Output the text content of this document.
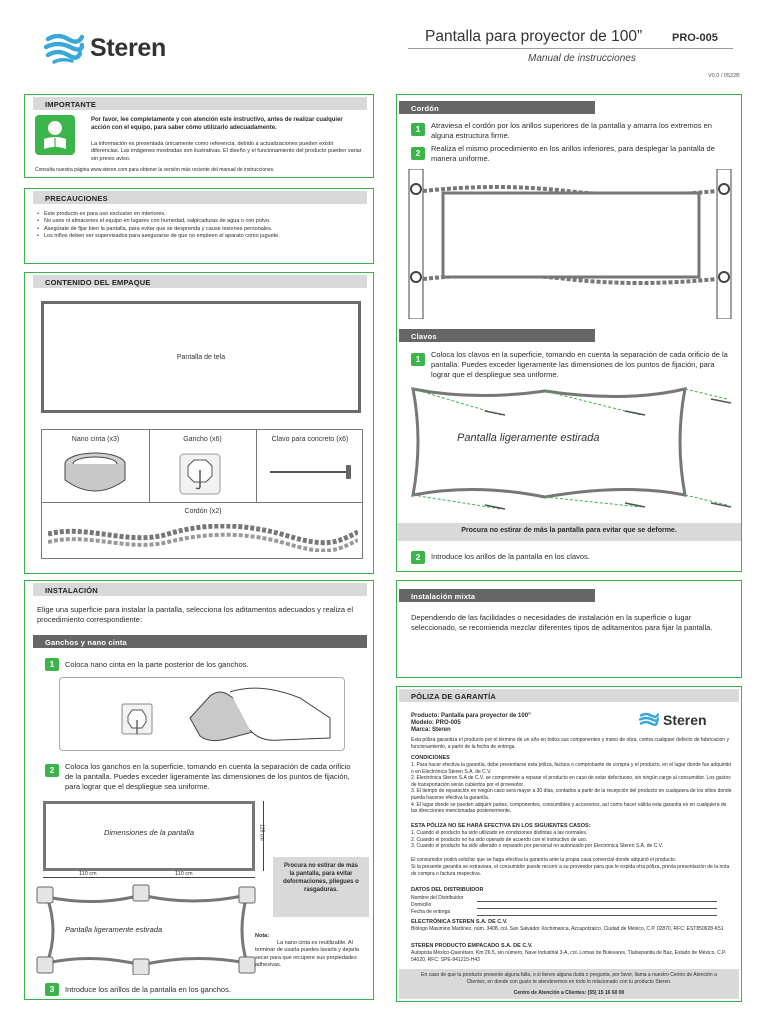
Steren	Pantalla para proyector de 100”	PRO-005
Manual de instrucciones
V0.0 / 0522B
IMPORTANTE
Por favor, lee completamente y con atención este instructivo, antes de realizar cualquier acción con el equipo, para saber cómo utilizarlo adecuadamente.
La información es presentada únicamente como referencia, debido a actualizaciones pueden existir diferencias. Las imágenes mostradas son ilustrativas. El diseño y el funcionamiento del producto pueden variar sin previo aviso.
Consulta nuestra página www.steren.com para obtener la versión más reciente del manual de instrucciones.
PRECAUCIONES
• Este producto es para uso exclusivo en interiores.
• No uses ni almacenes el equipo en lugares con humedad, salpicaduras de agua o con polvo.
• Asegúrate de fijar bien la pantalla, para evitar que se desprenda y cause lesiones personales.
• Los niños deben ser supervisados para asegurarse de que no empleen el aparato como juguete.
CONTENIDO DEL EMPAQUE
Pantalla de tela
Nano cinta (x3)	Gancho (x6)	Clavo para concreto (x6)
Cordón (x2)
INSTALACIÓN
Elige una superficie para instalar la pantalla, selecciona los aditamentos adecuados y realiza el procedimiento correspondiente:
Ganchos y nano cinta
1	Coloca nano cinta en la parte posterior de los ganchos.
2	Coloca los ganchos en la superficie, tomando en cuenta la separación de cada orificio de la pantalla. Puedes exceder ligeramente las dimensiones de los puntos de fijación, para lograr que el despliegue sea uniforme.
Dimensiones de la pantalla	125 cm
110 cm	110 cm
Pantalla ligeramente estirada
Procura no estirar de más la pantalla, para evitar deformaciones, pliegues o rasgaduras.
Nota:
La nano cinta es reutilizable. Al terminar de usarla puedes lavarla y dejarla secar para que recupere sus propiedades adhesivas.
3	Introduce los arillos de la pantalla en los ganchos.
Cordón
1	Atraviesa el cordón por los arillos superiores de la pantalla y amarra los extremos en alguna estructura firme.
2	Realiza el mismo procedimiento en los arillos inferiores, para desplegar la pantalla de manera uniforme.
Clavos
1	Coloca los clavos en la superficie, tomando en cuenta la separación de cada orificio de la pantalla. Puedes exceder ligeramente las dimensiones de los puntos de fijación, para lograr que el despliegue sea uniforme.
Pantalla ligeramente estirada
Procura no estirar de más la pantalla para evitar que se deforme.
2	Introduce los arillos de la pantalla en los clavos.
Instalación mixta
Dependiendo de las facilidades o necesidades de instalación en la superficie o lugar seleccionado, se recomienda mezclar diferentes tipos de aditamentos para fijar la pantalla.
PÓLIZA DE GARANTÍA
Producto: Pantalla para proyector de 100”
Modelo: PRO-005
Marca: Steren
Steren
Esta póliza garantiza el producto por el término de un año en todos sus componentes y mano de obra, contra cualquier defecto de fabricación y funcionamiento, a partir de la fecha de entrega.
CONDICIONES
1. Para hacer efectiva la garantía, debe presentarse esta póliza, factura o comprobante de compra y el producto, en el lugar donde fue adquirido o en Electrónica Steren S.A. de C.V.
2. Electrónica Steren S.A de C.V. se compromete a reparar el producto en caso de estar defectuoso, sin ningún cargo al consumidor. Los gastos de transportación serán cubiertos por el proveedor.
3. El tiempo de reparación en ningún caso será mayor a 30 días, contados a partir de la recepción del producto en cualquiera de los sitios donde pueda hacerse efectiva la garantía.
4. El lugar donde se pueden adquirir partes, componentes, consumibles y accesorios, así como hacer válida esta garantía es en cualquiera de las direcciones mencionadas posteriormente.
ESTA PÓLIZA NO SE HARÁ EFECTIVA EN LOS SIGUIENTES CASOS:
1. Cuando el producto ha sido utilizado en condiciones distintas a las normales.
2. Cuando el producto no ha sido operado de acuerdo con el instructivo de uso.
3. Cuando el producto ha sido alterado o reparado por personal no autorizado por Electrónica Steren S.A. de C.V.
El consumidor podrá solicitar que se haga efectiva la garantía ante la propia casa comercial donde adquirió el producto.
Si la presente garantía se extraviara, el consumidor puede recurrir a su proveedor para que le expida otra póliza, previa presentación de la nota de compra o factura respectiva.
DATOS DEL DISTRIBUIDOR
Nombre del Distribuidor
Domicilio
Fecha de entrega
ELECTRÓNICA STEREN S.A. DE C.V.
Biólogo Maximino Martínez, núm. 3408, col. San Salvador Xochimanca, Azcapotzalco, Ciudad de México, C.P. 02870, RFC: EST850628-K51
STEREN PRODUCTO EMPACADO S.A. DE C.V.
Autopista México-Querétaro, Km 26.5, sin número, Nave Industrial 3-A, col. Lomas de Bulevares, Tlalnepantla de Baz, Estado de México, C.P. 54020, RFC: SPE-941215-H43
En caso de que tu producto presente alguna falla, o si tienes alguna duda o pregunta, por favor, llama a nuestro Centro de Atención a Clientes, en donde con gusto te atenderemos en todo lo relacionado con tu producto Steren.
Centro de Atención a Clientes: (55) 15 16 60 00
